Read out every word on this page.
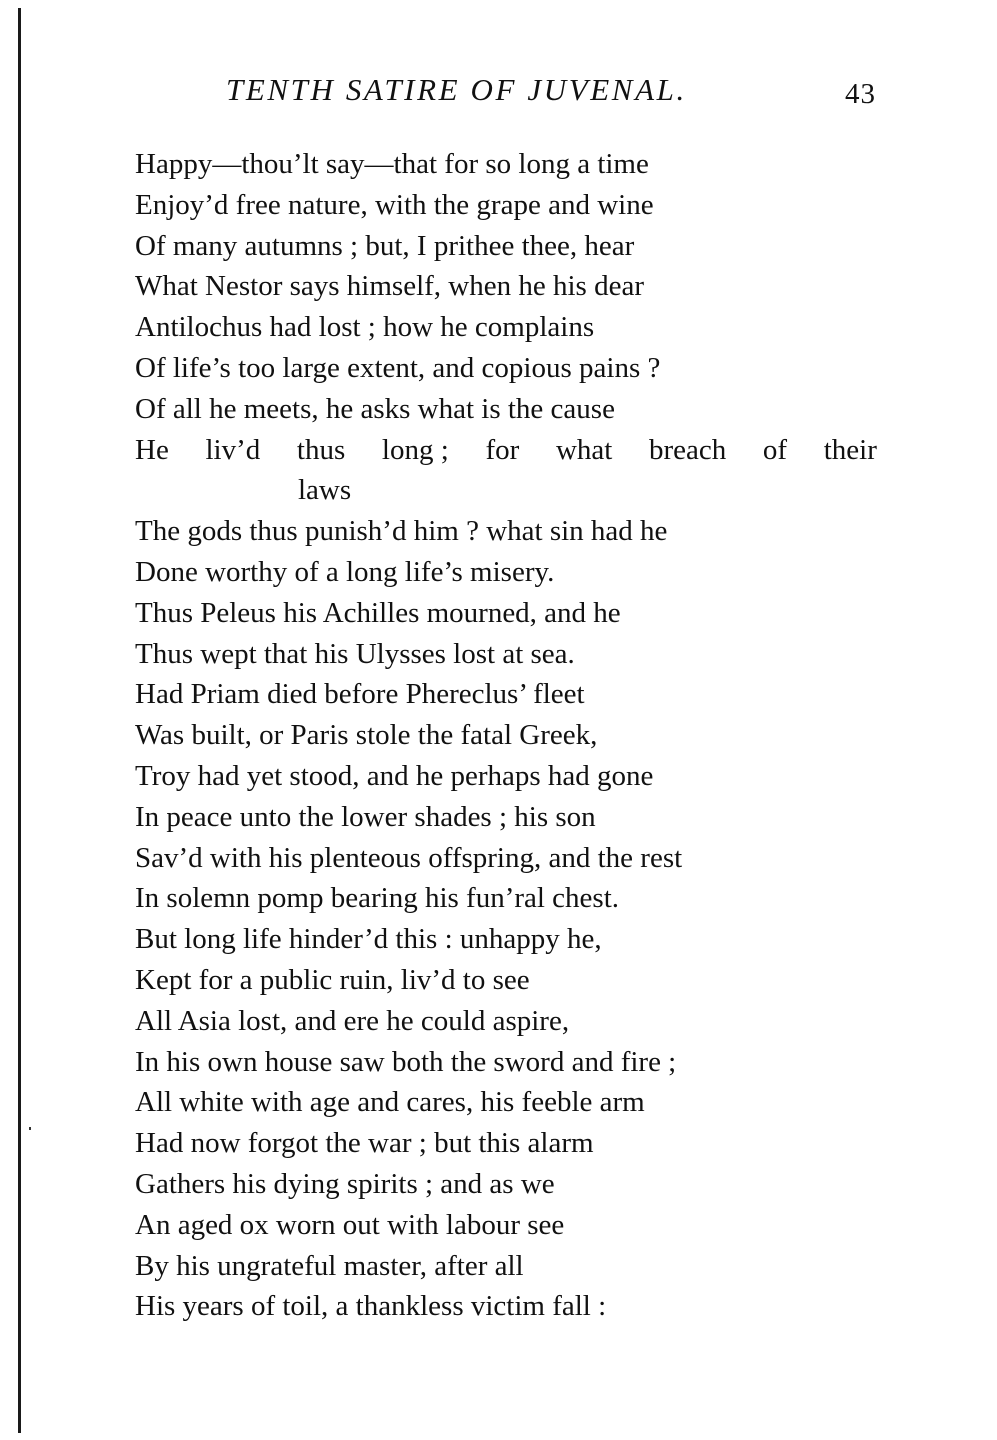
TENTH SATIRE OF JUVENAL.	43
Happy—thou’lt say—that for so long a time
Enjoy’d free nature, with the grape and wine
Of many autumns ; but, I prithee thee, hear
What Nestor says himself, when he his dear
Antilochus had lost ; how he complains
Of life’s too large extent, and copious pains ?
Of all he meets, he asks what is the cause
He liv’d thus long ; for what breach of their
laws
The gods thus punish’d him ? what sin had he
Done worthy of a long life’s misery.
Thus Peleus his Achilles mourned, and he
Thus wept that his Ulysses lost at sea.
Had Priam died before Phereclus’ fleet
Was built, or Paris stole the fatal Greek,
Troy had yet stood, and he perhaps had gone
In peace unto the lower shades ; his son
Sav’d with his plenteous offspring, and the rest
In solemn pomp bearing his fun’ral chest.
But long life hinder’d this : unhappy he,
Kept for a public ruin, liv’d to see
All Asia lost, and ere he could aspire,
In his own house saw both the sword and fire ;
All white with age and cares, his feeble arm
Had now forgot the war ; but this alarm
Gathers his dying spirits ; and as we
An aged ox worn out with labour see
By his ungrateful master, after all
His years of toil, a thankless victim fall :
